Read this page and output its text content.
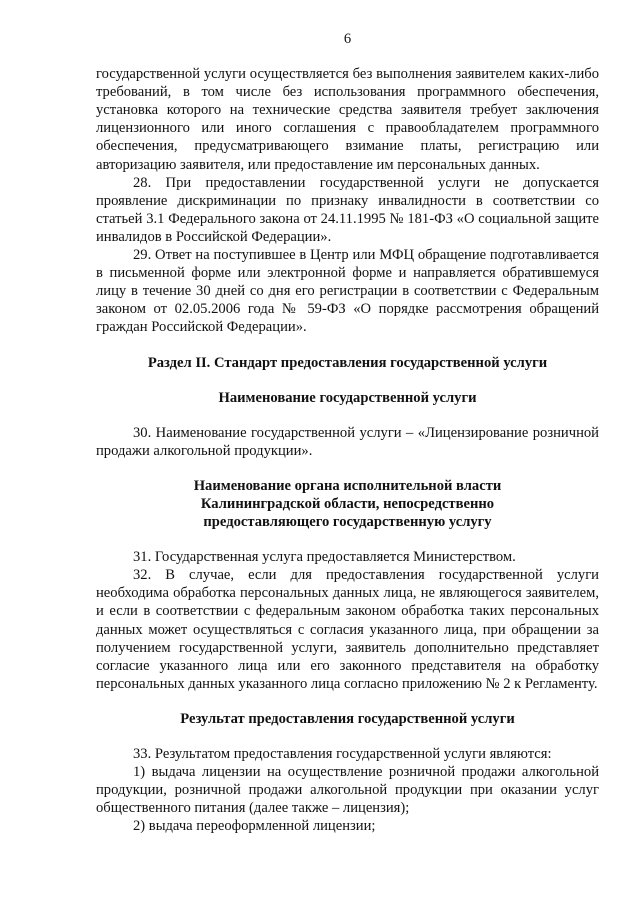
6

государственной услуги осуществляется без выполнения заявителем каких-либо требований, в том числе без использования программного обеспечения, установка которого на технические средства заявителя требует заключения лицензионного или иного соглашения с правообладателем программного обеспечения, предусматривающего взимание платы, регистрацию или авторизацию заявителя, или предоставление им персональных данных.

28. При предоставлении государственной услуги не допускается проявление дискриминации по признаку инвалидности в соответствии со статьей 3.1 Федерального закона от 24.11.1995 № 181-ФЗ «О социальной защите инвалидов в Российской Федерации».

29. Ответ на поступившее в Центр или МФЦ обращение подготавливается в письменной форме или электронной форме и направляется обратившемуся лицу в течение 30 дней со дня его регистрации в соответствии с Федеральным законом от 02.05.2006 года № 59-ФЗ «О порядке рассмотрения обращений граждан Российской Федерации».

Раздел II. Стандарт предоставления государственной услуги
Наименование государственной услуги

30. Наименование государственной услуги – «Лицензирование розничной продажи алкогольной продукции».

Наименование органа исполнительной власти
Калининградской области, непосредственно
предоставляющего государственную услугу

31. Государственная услуга предоставляется Министерством.

32. В случае, если для предоставления государственной услуги необходима обработка персональных данных лица, не являющегося заявителем, и если в соответствии с федеральным законом обработка таких персональных данных может осуществляться с согласия указанного лица, при обращении за получением государственной услуги, заявитель дополнительно представляет согласие указанного лица или его законного представителя на обработку персональных данных указанного лица согласно приложению № 2 к Регламенту.

Результат предоставления государственной услуги

33. Результатом предоставления государственной услуги являются:

1) выдача лицензии на осуществление розничной продажи алкогольной продукции, розничной продажи алкогольной продукции при оказании услуг общественного питания (далее также – лицензия);

2) выдача переоформленной лицензии;
